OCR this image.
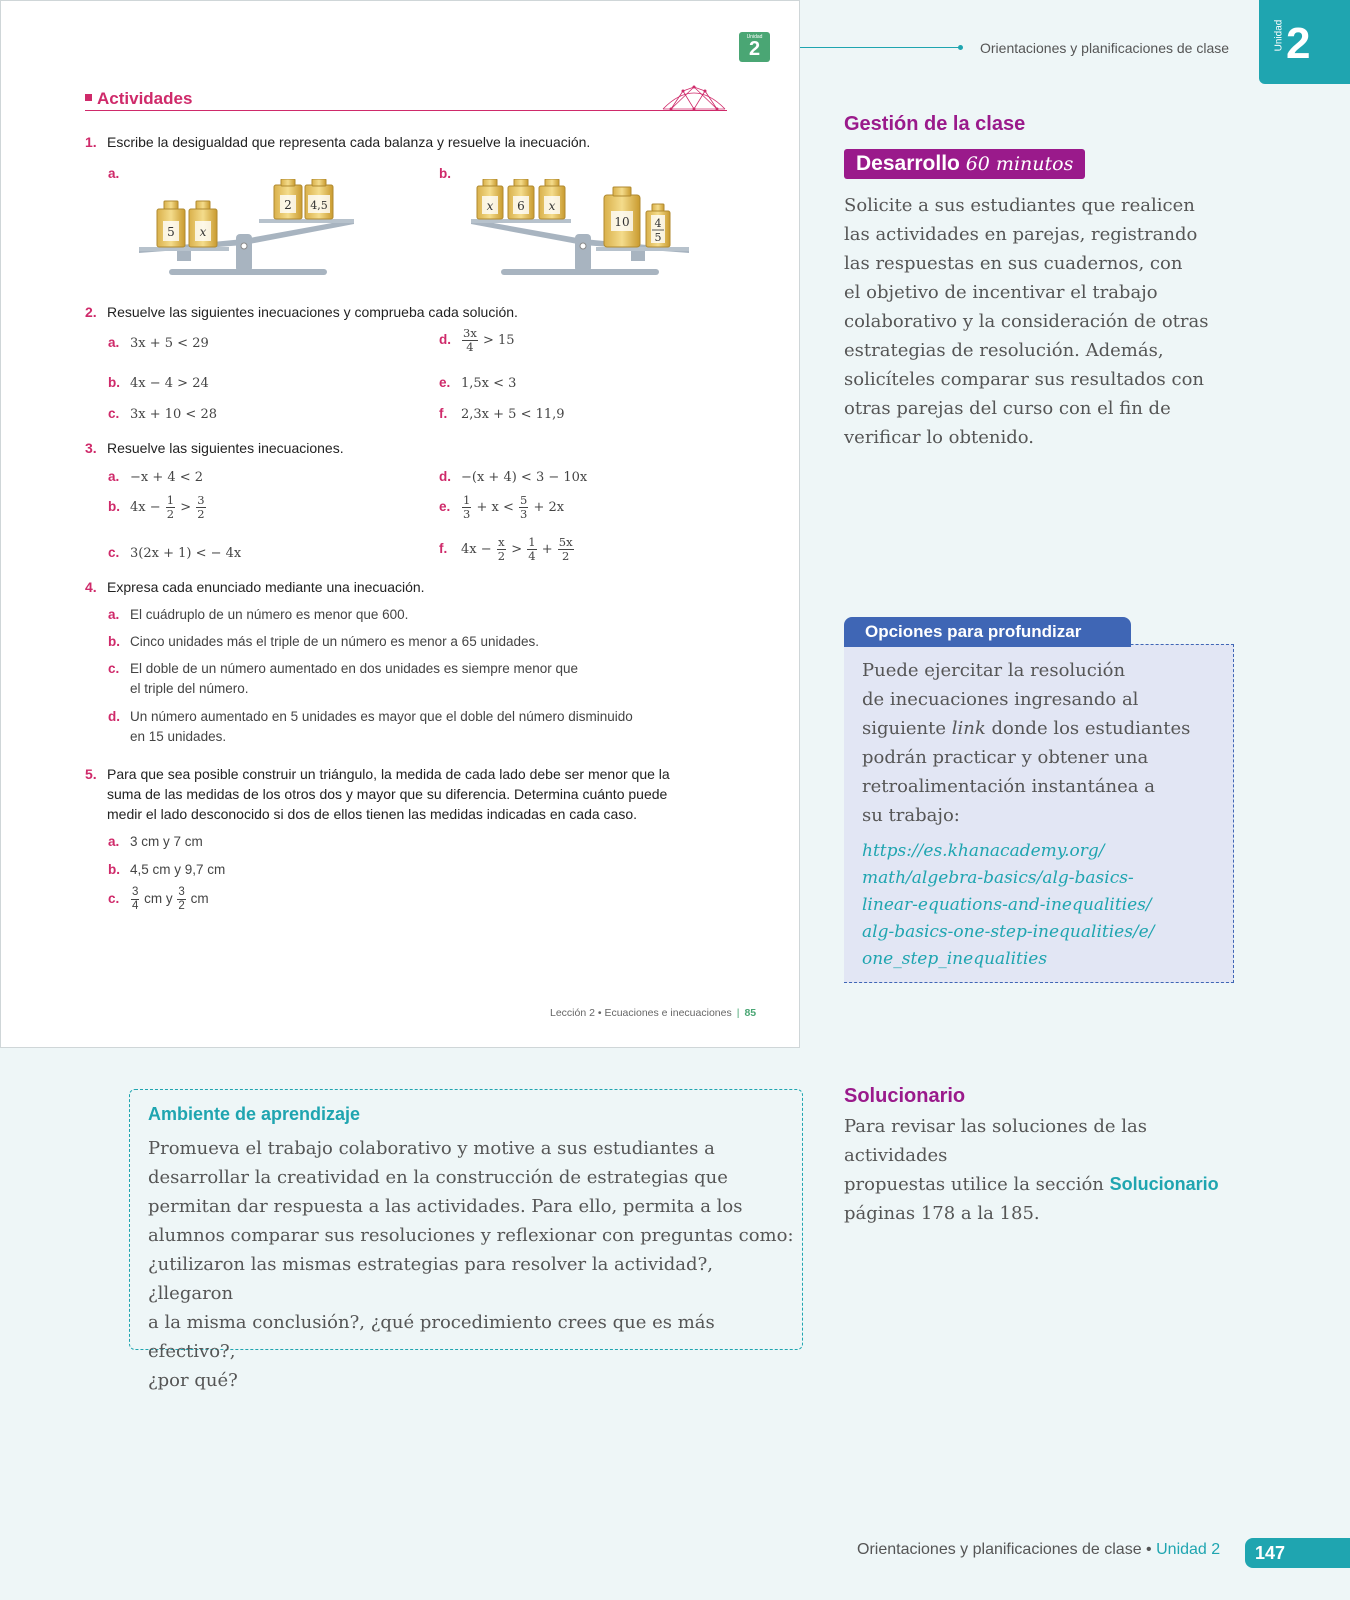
Unidad
2
Actividades
1. Escribe la desigualdad que representa cada balanza y resuelve la inecuación.
a.	b.
5 x
2 4,5	x 6 x
10 4
5
2. Resuelve las siguientes inecuaciones y comprueba cada solución.
a. 3x + 5 < 29
b. 4x − 4 > 24
c. 3x + 10 < 28
d. $\frac{3x}{4} > 15$
e. 1,5x < 3
f. 2,3x + 5 < 11,9
3. Resuelve las siguientes inecuaciones.
a. −x + 4 < 2
b. $4x - \frac{1}{2} > \frac{3}{2}$
c. 3(2x + 1) < − 4x
d. −(x + 4) < 3 − 10x
e. $\frac{1}{3} + x < \frac{5}{3} + 2x$
f. $4x - \frac{x}{2} > \frac{1}{4} + \frac{5x}{2}$
4. Expresa cada enunciado mediante una inecuación.
a. El cuádruplo de un número es menor que 600.
b. Cinco unidades más el triple de un número es menor a 65 unidades.
c. El doble de un número aumentado en dos unidades es siempre menor que
el triple del número.
d. Un número aumentado en 5 unidades es mayor que el doble del número disminuido
en 15 unidades.
5. Para que sea posible construir un triángulo, la medida de cada lado debe ser menor que la
suma de las medidas de los otros dos y mayor que su diferencia. Determina cuánto puede
medir el lado desconocido si dos de ellos tienen las medidas indicadas en cada caso.
a. 3 cm y 7 cm
b. 4,5 cm y 9,7 cm
c. $\frac{3}{4}$ cm y $\frac{3}{2}$ cm
Lección 2 • Ecuaciones e inecuaciones | 85
Orientaciones y planificaciones de clase	Unidad 2
Gestión de la clase
Desarrollo 60 minutos
Solicite a sus estudiantes que realicen
las actividades en parejas, registrando
las respuestas en sus cuadernos, con
el objetivo de incentivar el trabajo
colaborativo y la consideración de otras
estrategias de resolución. Además,
solicíteles comparar sus resultados con
otras parejas del curso con el fin de
verificar lo obtenido.
Opciones para profundizar
Puede ejercitar la resolución
de inecuaciones ingresando al
siguiente link donde los estudiantes
podrán practicar y obtener una
retroalimentación instantánea a
su trabajo:
https://es.khanacademy.org/
math/algebra-basics/alg-basics-
linear-equations-and-inequalities/
alg-basics-one-step-inequalities/e/
one_step_inequalities
Ambiente de aprendizaje
Promueva el trabajo colaborativo y motive a sus estudiantes a
desarrollar la creatividad en la construcción de estrategias que
permitan dar respuesta a las actividades. Para ello, permita a los
alumnos comparar sus resoluciones y reflexionar con preguntas como:
¿utilizaron las mismas estrategias para resolver la actividad?, ¿llegaron
a la misma conclusión?, ¿qué procedimiento crees que es más efectivo?,
¿por qué?
Solucionario
Para revisar las soluciones de las actividades
propuestas utilice la sección Solucionario
páginas 178 a la 185.
Orientaciones y planificaciones de clase • Unidad 2	147
